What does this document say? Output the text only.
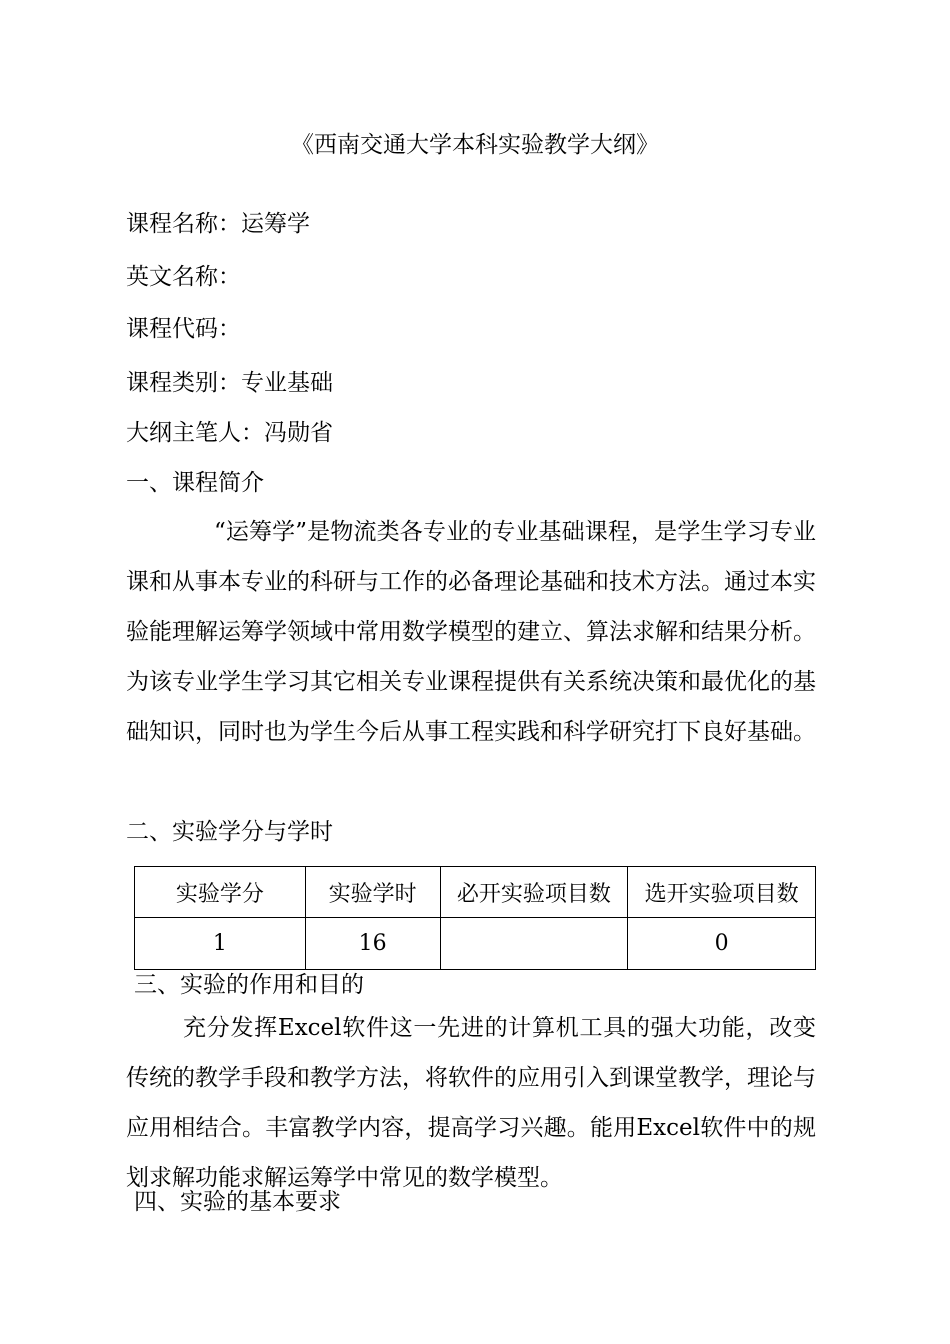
《西南交通大学本科实验教学大纲》
课程名称：运筹学
英文名称：
课程代码：
课程类别：专业基础
大纲主笔人：冯勋省
一、课程简介

“运筹学”是物流类各专业的专业基础课程，是学生学习专业课和从事本专业的科研与工作的必备理论基础和技术方法。通过本实验能理解运筹学领域中常用数学模型的建立、算法求解和结果分析。为该专业学生学习其它相关专业课程提供有关系统决策和最优化的基础知识，同时也为学生今后从事工程实践和科学研究打下良好基础。

二、实验学分与学时
实验学分	实验学时	必开实验项目数	选开实验项目数
1	16		0
三、实验的作用和目的

充分发挥Excel软件这一先进的计算机工具的强大功能，改变传统的教学手段和教学方法，将软件的应用引入到课堂教学，理论与应用相结合。丰富教学内容，提高学习兴趣。能用Excel软件中的规划求解功能求解运筹学中常见的数学模型。

四、实验的基本要求
